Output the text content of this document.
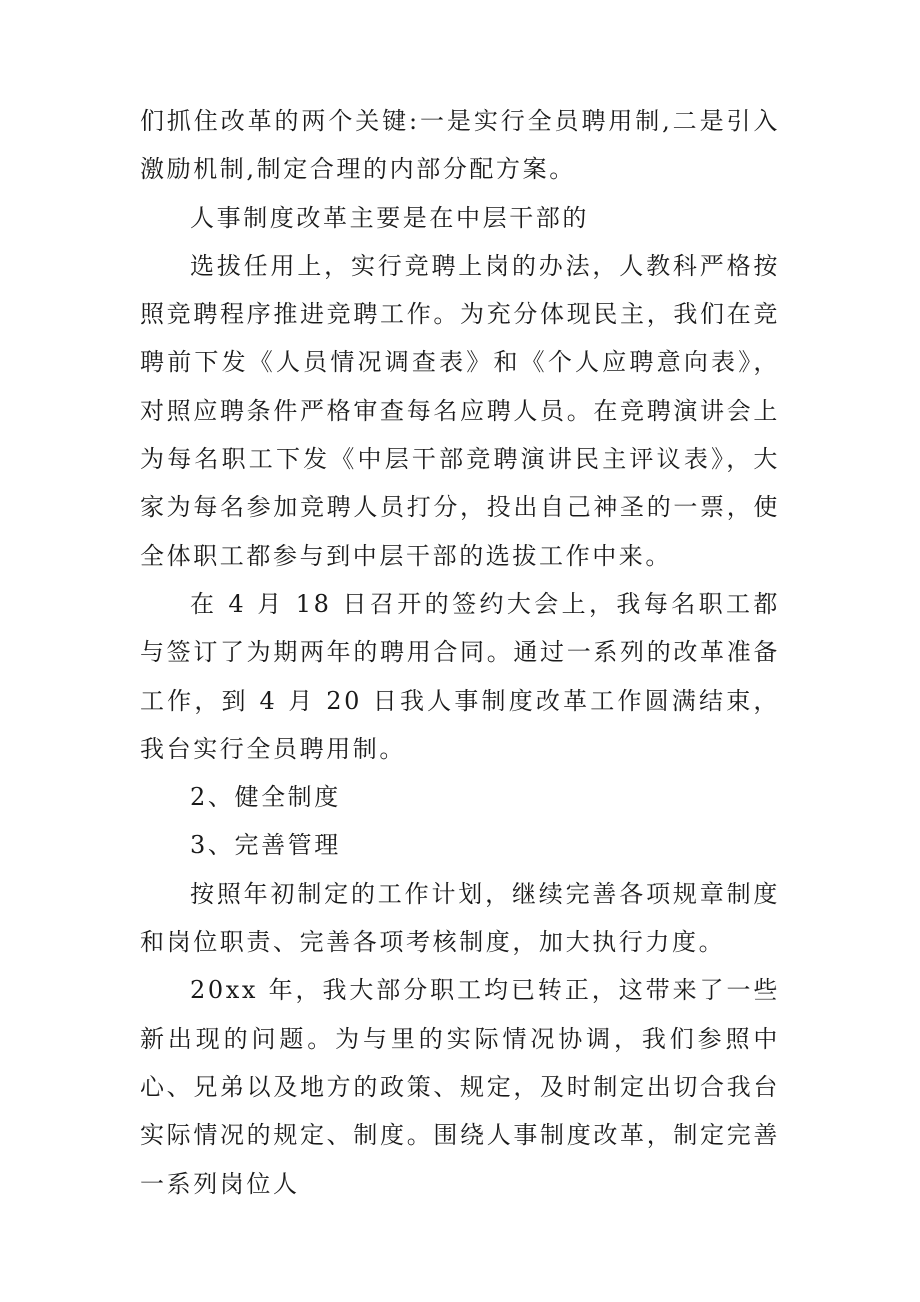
们抓住改革的两个关键:一是实行全员聘用制,二是引入激励机制,制定合理的内部分配方案。

人事制度改革主要是在中层干部的

选拔任用上，实行竞聘上岗的办法，人教科严格按照竞聘程序推进竞聘工作。为充分体现民主，我们在竞聘前下发《人员情况调查表》和《个人应聘意向表》，对照应聘条件严格审查每名应聘人员。在竞聘演讲会上为每名职工下发《中层干部竞聘演讲民主评议表》，大家为每名参加竞聘人员打分，投出自己神圣的一票，使全体职工都参与到中层干部的选拔工作中来。

在 4 月 18 日召开的签约大会上，我每名职工都与签订了为期两年的聘用合同。通过一系列的改革准备工作，到 4 月 20 日我人事制度改革工作圆满结束，我台实行全员聘用制。

2、健全制度

3、完善管理

按照年初制定的工作计划，继续完善各项规章制度和岗位职责、完善各项考核制度，加大执行力度。

20xx 年，我大部分职工均已转正，这带来了一些新出现的问题。为与里的实际情况协调，我们参照中心、兄弟以及地方的政策、规定，及时制定出切合我台实际情况的规定、制度。围绕人事制度改革，制定完善一系列岗位人
